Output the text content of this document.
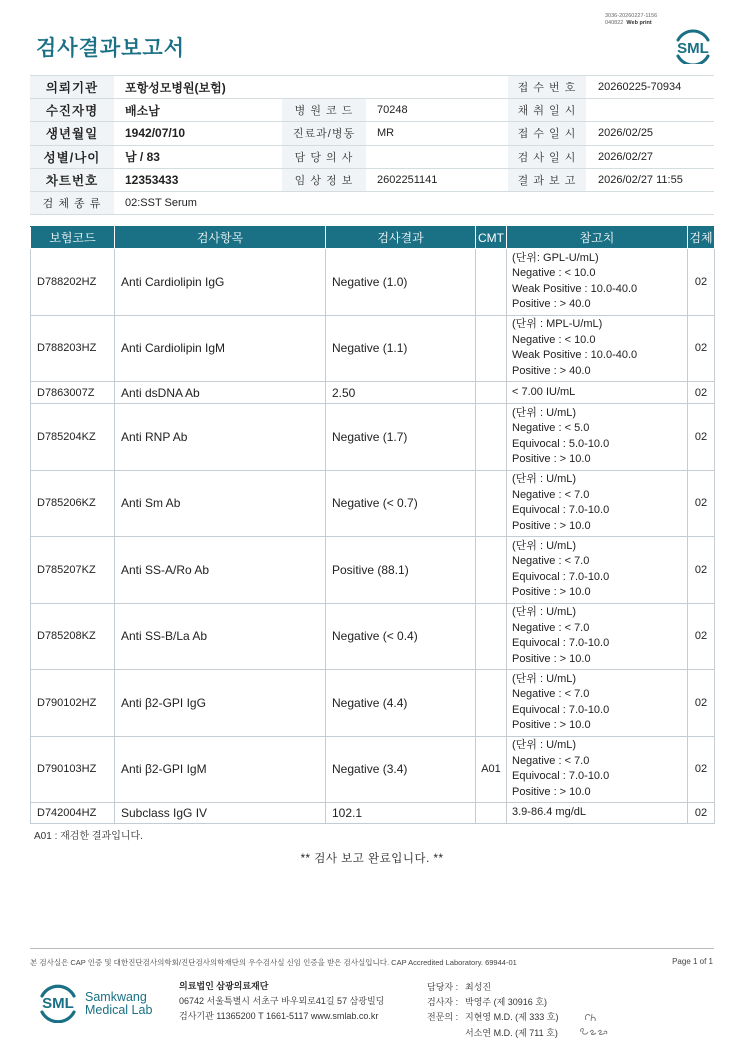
검사결과보고서
3036-20260227-1156
040822 Web print
SML
의뢰기관	포항성모병원(보험)			접 수 번 호	20260225-70934
수진자명	배소남	병 원 코 드	70248	채 취 일 시	
생년월일	1942/07/10	진료과/병동	MR	접 수 일 시	2026/02/25
성별/나이	남 / 83	담 당 의 사		검 사 일 시	2026/02/27
차트번호	12353433	임 상 정 보	2602251141	결 과 보 고	2026/02/27 11:55
검 체 종 류	02:SST Serum				
보험코드	검사항목	검사결과	CMT	참고치	검체
D788202HZ	Anti Cardiolipin IgG	Negative (1.0)		(단위: GPL-U/mL)
Negative : < 10.0
Weak Positive : 10.0-40.0
Positive : > 40.0	02
D788203HZ	Anti Cardiolipin IgM	Negative (1.1)		(단위 : MPL-U/mL)
Negative : < 10.0
Weak Positive : 10.0-40.0
Positive : > 40.0	02
D7863007Z	Anti dsDNA Ab	2.50		< 7.00 IU/mL	02
D785204KZ	Anti RNP Ab	Negative (1.7)		(단위 : U/mL)
Negative : < 5.0
Equivocal : 5.0-10.0
Positive : > 10.0	02
D785206KZ	Anti Sm Ab	Negative (< 0.7)		(단위 : U/mL)
Negative : < 7.0
Equivocal : 7.0-10.0
Positive : > 10.0	02
D785207KZ	Anti SS-A/Ro Ab	Positive (88.1)		(단위 : U/mL)
Negative : < 7.0
Equivocal : 7.0-10.0
Positive : > 10.0	02
D785208KZ	Anti SS-B/La Ab	Negative (< 0.4)		(단위 : U/mL)
Negative : < 7.0
Equivocal : 7.0-10.0
Positive : > 10.0	02
D790102HZ	Anti β2-GPI IgG	Negative (4.4)		(단위 : U/mL)
Negative : < 7.0
Equivocal : 7.0-10.0
Positive : > 10.0	02
D790103HZ	Anti β2-GPI IgM	Negative (3.4)	A01	(단위 : U/mL)
Negative : < 7.0
Equivocal : 7.0-10.0
Positive : > 10.0	02
D742004HZ	Subclass IgG IV	102.1		3.9-86.4 mg/dL	02
A01 : 재검한 결과입니다.
** 검사 보고 완료입니다. **
본 검사실은 CAP 인증 및 대한진단검사의학회/진단검사의학재단의 우수검사실 신임 인증을 받은 검사실입니다. CAP Accredited Laboratory. 69944-01	Page 1 of 1
SML Samkwang
Medical Lab
의료법인 삼광의료재단
06742 서울특별시 서초구 바우뫼로41길 57 삼광빌딩
검사기관 11365200 T 1661-5117 www.smlab.co.kr
담당자 : 최성진
검사자 : 박영주 (제 30916 호)
전문의 : 지현영 M.D. (제 333 호)
서소연 M.D. (제 711 호)
